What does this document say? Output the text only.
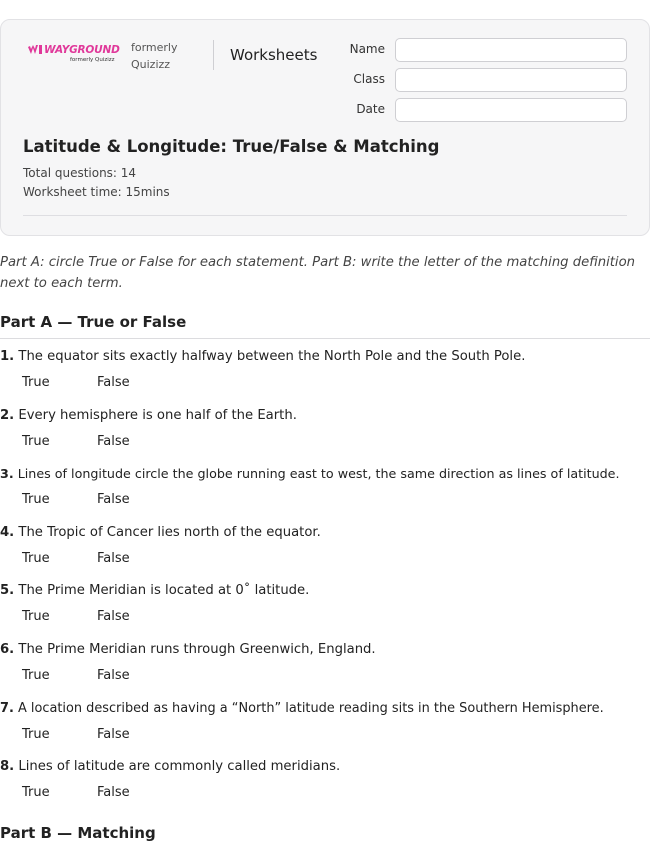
WAYGROUND
formerly Quizizz
formerly Quizizz
Worksheets	Name
Class
Date
Latitude & Longitude: True/False & Matching
Total questions: 14
Worksheet time: 15mins
Part A: circle True or False for each statement. Part B: write the letter of the matching definition next to each term.
Part A — True or False
1. The equator sits exactly halfway between the North Pole and the South Pole.
True	False
2. Every hemisphere is one half of the Earth.
True	False
3. Lines of longitude circle the globe running east to west, the same direction as lines of latitude.
True	False
4. The Tropic of Cancer lies north of the equator.
True	False
5. The Prime Meridian is located at 0˚ latitude.
True	False
6. The Prime Meridian runs through Greenwich, England.
True	False
7. A location described as having a “North” latitude reading sits in the Southern Hemisphere.
True	False
8. Lines of latitude are commonly called meridians.
True	False
Part B — Matching
